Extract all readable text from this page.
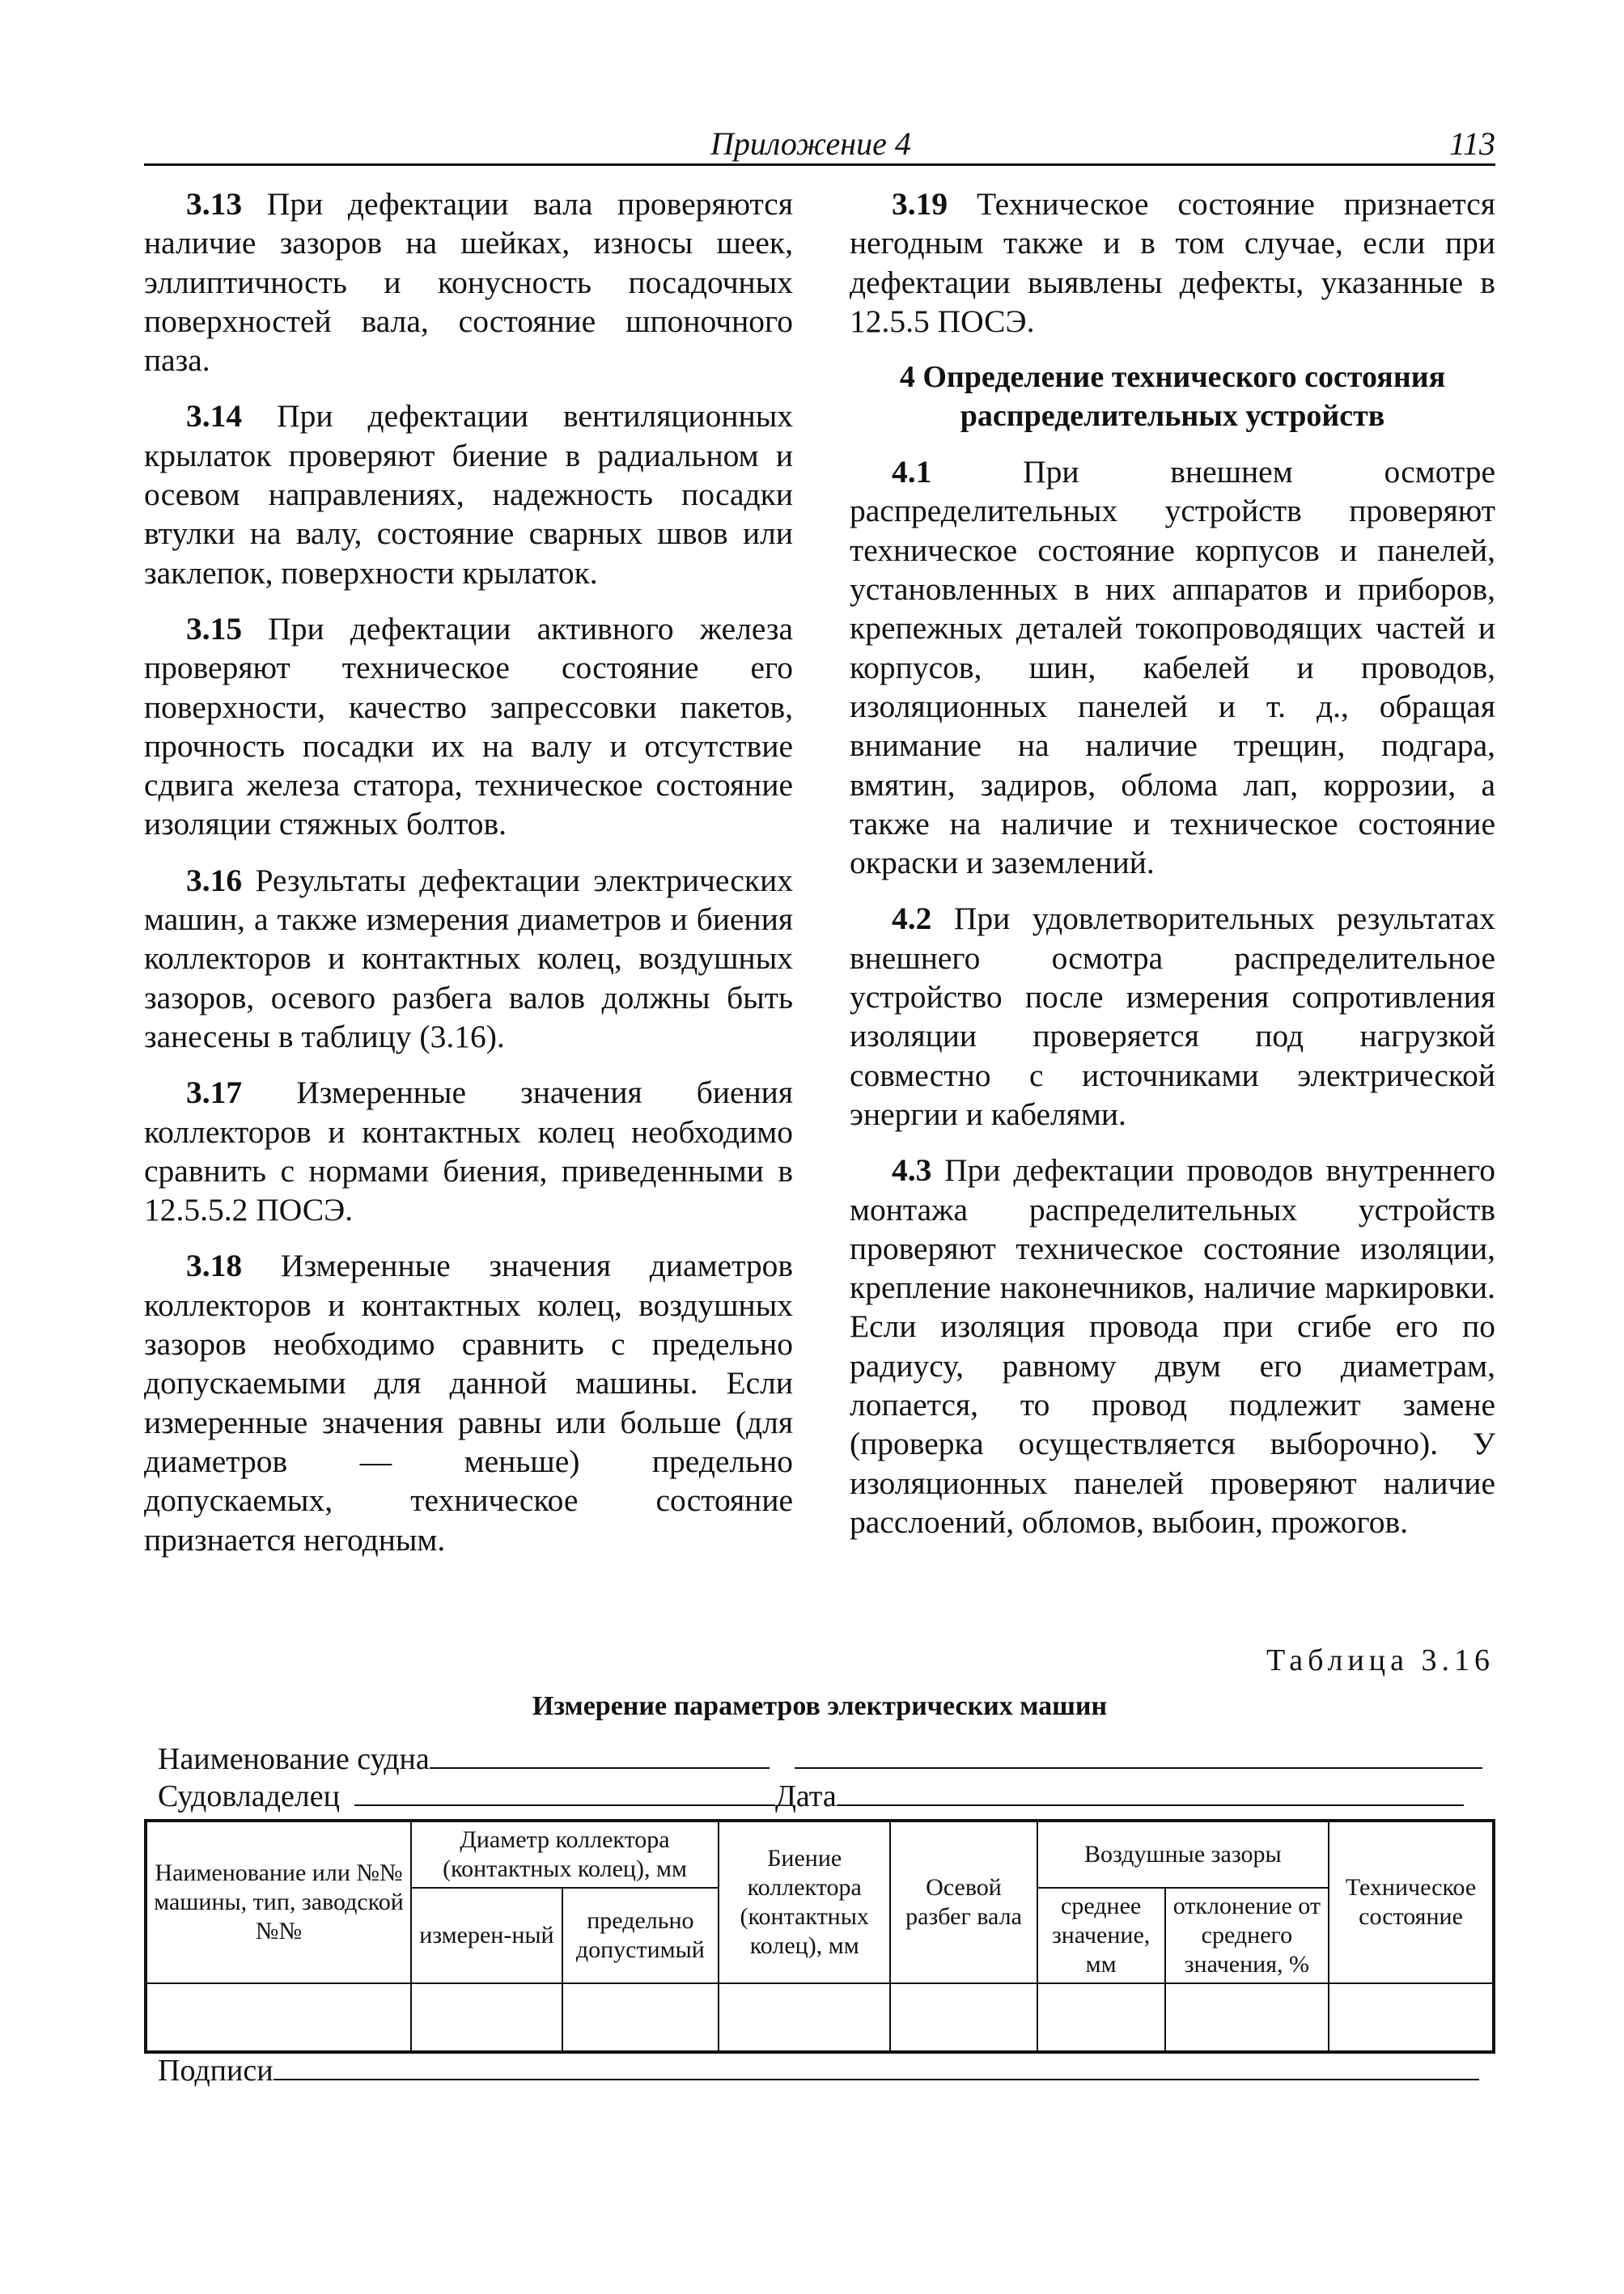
Приложение 4	113

3.13 При дефектации вала проверяются наличие зазоров на шейках, износы шеек, эллиптичность и конусность посадочных поверхностей вала, состояние шпоночного паза.

3.14 При дефектации вентиляционных крылаток проверяют биение в радиальном и осевом направлениях, надежность посадки втулки на валу, состояние сварных швов или заклепок, поверхности крылаток.

3.15 При дефектации активного железа проверяют техническое состояние его поверхности, качество запрессовки пакетов, прочность посадки их на валу и отсутствие сдвига железа статора, техническое состояние изоляции стяжных болтов.

3.16 Результаты дефектации электрических машин, а также измерения диаметров и биения коллекторов и контактных колец, воздушных зазоров, осевого разбега валов должны быть занесены в таблицу (3.16).

3.17 Измеренные значения биения коллекторов и контактных колец необходимо сравнить с нормами биения, приведенными в 12.5.5.2 ПОСЭ.

3.18 Измеренные значения диаметров коллекторов и контактных колец, воздушных зазоров необходимо сравнить с предельно допускаемыми для данной машины. Если измеренные значения равны или больше (для диаметров — меньше) предельно допускаемых, техническое состояние признается негодным.

3.19 Техническое состояние признается негодным также и в том случае, если при дефектации выявлены дефекты, указанные в 12.5.5 ПОСЭ.

4 Определение технического состояния распределительных устройств

4.1 При внешнем осмотре распределительных устройств проверяют техническое состояние корпусов и панелей, установленных в них аппаратов и приборов, крепежных деталей токопроводящих частей и корпусов, шин, кабелей и проводов, изоляционных панелей и т. д., обращая внимание на наличие трещин, подгара, вмятин, задиров, облома лап, коррозии, а также на наличие и техническое состояние окраски и заземлений.

4.2 При удовлетворительных результатах внешнего осмотра распределительное устройство после измерения сопротивления изоляции проверяется под нагрузкой совместно с источниками электрической энергии и кабелями.

4.3 При дефектации проводов внутреннего монтажа распределительных устройств проверяют техническое состояние изоляции, крепление наконечников, наличие маркировки. Если изоляция провода при сгибе его по радиусу, равному двум его диаметрам, лопается, то провод подлежит замене (проверка осуществляется выборочно). У изоляционных панелей проверяют наличие расслоений, обломов, выбоин, прожогов.

Таблица 3.16
Измерение параметров электрических машин
Наименование судна
Судовладелец	Дата
Наименование или №№ машины, тип, заводской №№	Диаметр коллектора (контактных колец), мм		Биение коллектора (контактных колец), мм	Осевой разбег вала	Воздушные зазоры		Техническое состояние
	измерен-ный	предельно допустимый			среднее значение, мм	отклонение от среднего значения, %	

Подписи
